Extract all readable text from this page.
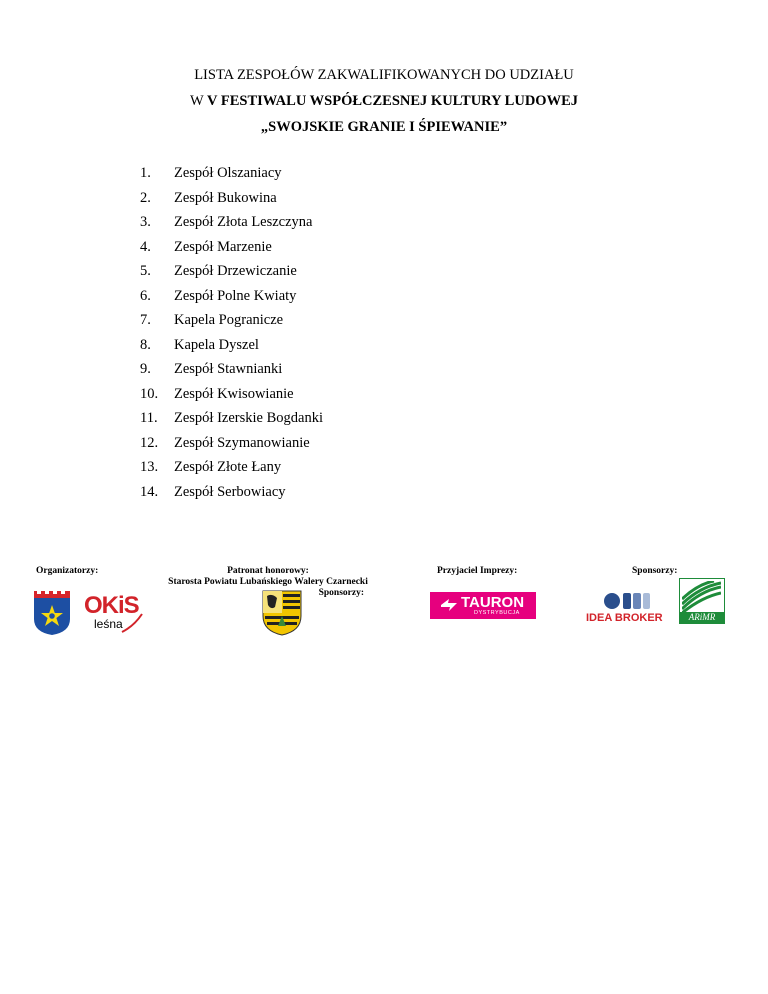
LISTA ZESPOŁÓW ZAKWALIFIKOWANYCH DO UDZIAŁU
W V FESTIWALU WSPÓŁCZESNEJ KULTURY LUDOWEJ
„SWOJSKIE GRANIE I ŚPIEWANIE”
1. Zespół Olszaniacy
2. Zespół Bukowina
3. Zespół Złota Leszczyna
4. Zespół Marzenie
5. Zespół Drzewiczanie
6. Zespół Polne Kwiaty
7. Kapela Pogranicze
8. Kapela Dyszel
9. Zespół Stawnianki
10. Zespół Kwisowianie
11. Zespół Izerskie Bogdanki
12. Zespół Szymanowianie
13. Zespół Złote Łany
14. Zespół Serbowiacy
Organizatorzy:	Patronat honorowy:
Starosta Powiatu Lubańskiego Walery Czarnecki
Sponsorzy:
Przyjaciel Imprezy:	Sponsorzy:
OKiS
leśna
TAURON
DYSTRYBUCJA	IDEA BROKER	ARiMR
